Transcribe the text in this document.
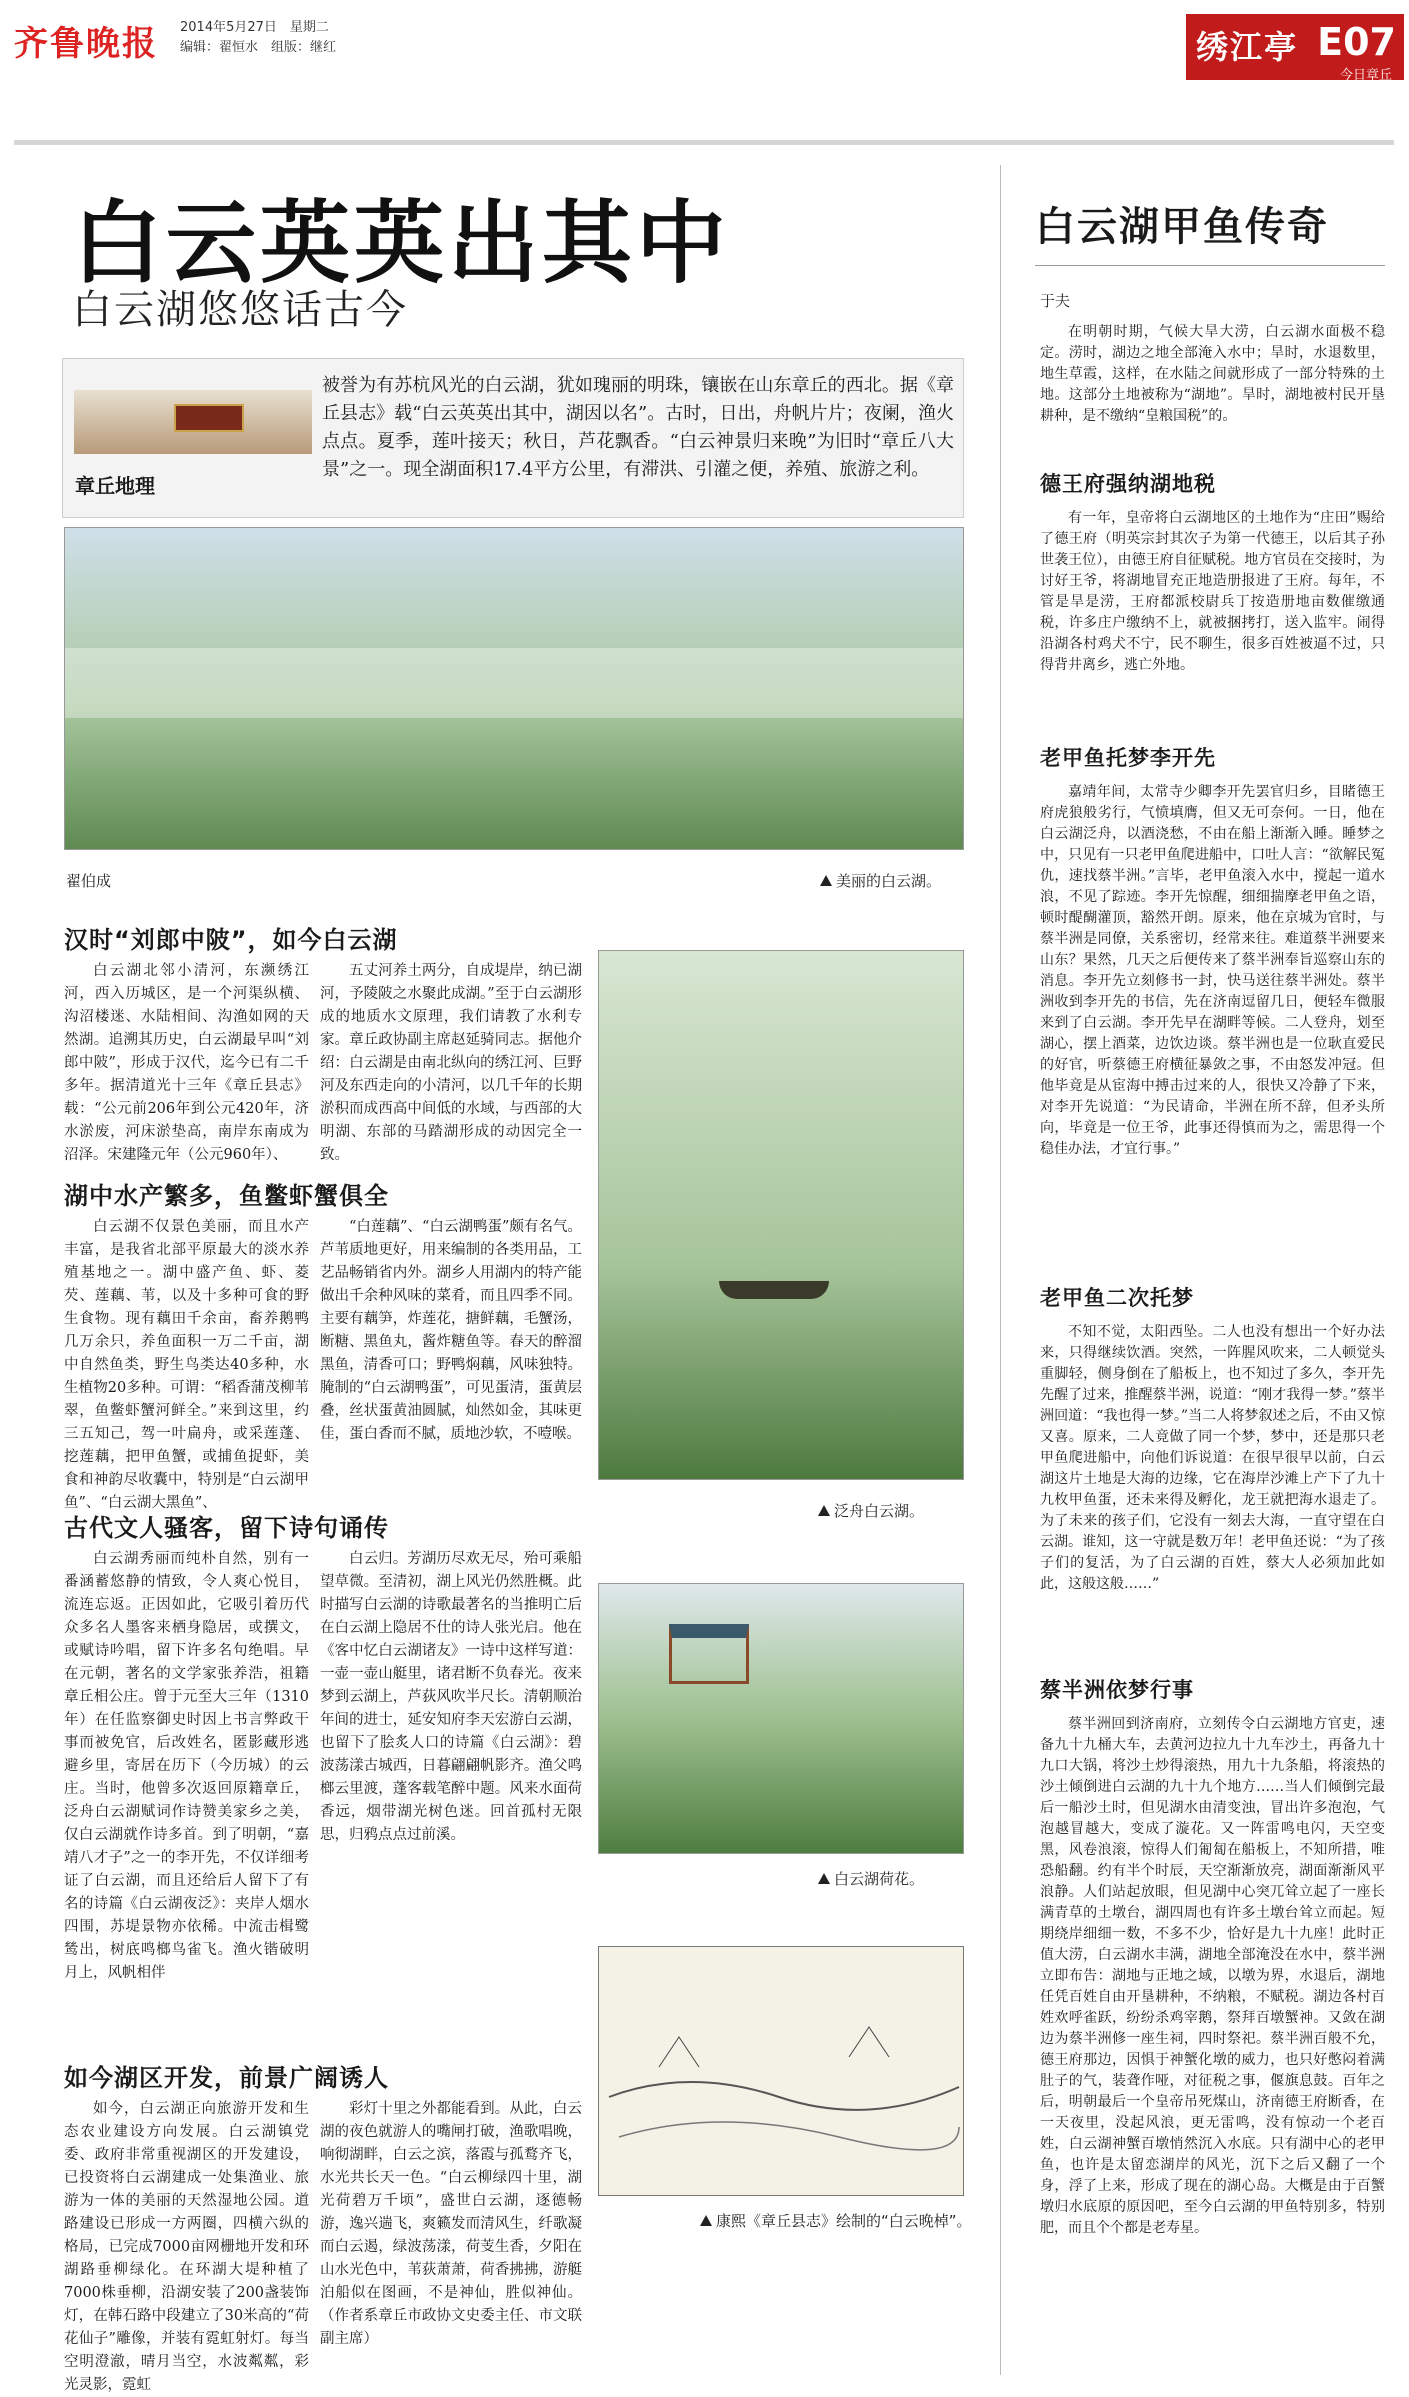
齐鲁晚报 2014年5月27日　星期二
编辑：翟恒水　组版：继红	绣江亭 E07
今日章丘
白云英英出其中
白云湖悠悠话古今
被誉为有苏杭风光的白云湖，犹如瑰丽的明珠，镶嵌在山东章丘的西北。据《章丘县志》载“白云英英出其中，湖因以名”。古时，日出，舟帆片片；夜阑，渔火点点。夏季，莲叶接天；秋日，芦花飘香。“白云神景归来晚”为旧时“章丘八大景”之一。现全湖面积17.4平方公里，有滞洪、引灌之便，养殖、旅游之利。
章丘地理
翟伯成	美丽的白云湖。
泛舟白云湖。
白云湖荷花。
康熙《章丘县志》绘制的“白云晚棹”。
汉时“刘郎中陂”，如今白云湖
白云湖北邻小清河，东濒绣江河，西入历城区，是一个河渠纵横、沟沼楼迷、水陆相间、沟渔如网的天然湖。追溯其历史，白云湖最早叫“刘郎中陂”，形成于汉代，迄今已有二千多年。据清道光十三年《章丘县志》载：“公元前206年到公元420年，济水淤废，河床淤垫高，南岸东南成为沼泽。宋建隆元年（公元960年）、
五丈河养土两分，自成堤岸，纳已湖河，予陵陂之水聚此成湖。”至于白云湖形成的地质水文原理，我们请教了水利专家。章丘政协副主席赵延骑同志。据他介绍：白云湖是由南北纵向的绣江河、巨野河及东西走向的小清河，以几千年的长期淤积而成西高中间低的水域，与西部的大明湖、东部的马踏湖形成的动因完全一致。
湖中水产繁多，鱼鳖虾蟹俱全
白云湖不仅景色美丽，而且水产丰富，是我省北部平原最大的淡水养殖基地之一。湖中盛产鱼、虾、菱芡、莲藕、苇，以及十多种可食的野生食物。现有藕田千余亩，畜养鹅鸭几万余只，养鱼面积一万二千亩，湖中自然鱼类，野生鸟类达40多种，水生植物20多种。可谓：“稻香蒲茂柳苇翠，鱼鳖虾蟹河鲜全。”来到这里，约三五知己，驾一叶扁舟，或采莲蓬、挖莲藕，把甲鱼蟹，或捕鱼捉虾，美食和神韵尽收囊中，特别是“白云湖甲鱼”、“白云湖大黑鱼”、
“白莲藕”、“白云湖鸭蛋”颇有名气。芦苇质地更好，用来编制的各类用品，工艺品畅销省内外。湖乡人用湖内的特产能做出千余种风味的菜肴，而且四季不同。主要有藕笋，炸莲花，搪鲜藕，毛蟹汤，断糖、黑鱼丸，酱炸糖鱼等。春天的醉溜黑鱼，清香可口；野鸭焖藕，风味独特。腌制的“白云湖鸭蛋”，可见蛋清，蛋黄层叠，丝状蛋黄油圆腻，灿然如金，其味更佳，蛋白香而不腻，质地沙软，不噎喉。
古代文人骚客，留下诗句诵传
白云湖秀丽而纯朴自然，别有一番涵蓄悠静的情致，令人爽心悦目，流连忘返。正因如此，它吸引着历代众多名人墨客来栖身隐居，或撰文，或赋诗吟唱，留下许多名句绝唱。早在元朝，著名的文学家张养浩，祖籍章丘相公庄。曾于元至大三年（1310年）在任监察御史时因上书言弊政干事而被免官，后改姓名，匿影藏形逃避乡里，寄居在历下（今历城）的云庄。当时，他曾多次返回原籍章丘，泛舟白云湖赋词作诗赞美家乡之美，仅白云湖就作诗多首。到了明朝，“嘉靖八才子”之一的李开先，不仅详细考证了白云湖，而且还给后人留下了有名的诗篇《白云湖夜泛》：夹岸人烟水四围，苏堤景物亦依稀。中流击楫鹭鸶出，树底鸣榔鸟雀飞。渔火锴破明月上，风帆相伴
白云归。芳湖历尽欢无尽，殆可乘船望草微。至清初，湖上风光仍然胜概。此时描写白云湖的诗歌最著名的当推明亡后在白云湖上隐居不仕的诗人张光启。他在《客中忆白云湖诸友》一诗中这样写道：一壶一壶山艇里，诸君断不负春光。夜来梦到云湖上，芦荻风吹半尺长。清朝顺治年间的进士，延安知府李天宏游白云湖，也留下了脍炙人口的诗篇《白云湖》：碧波荡漾古城西，日暮翩翩帆影齐。渔父鸣榔云里渡，蓬客载笔醉中题。风来水面荷香远，烟带湖光树色迷。回首孤村无限思，归鸦点点过前溪。
如今湖区开发，前景广阔诱人
如今，白云湖正向旅游开发和生态农业建设方向发展。白云湖镇党委、政府非常重视湖区的开发建设，已投资将白云湖建成一处集渔业、旅游为一体的美丽的天然湿地公园。道路建设已形成一方两圈，四横六纵的格局，已完成7000亩网栅地开发和环湖路垂柳绿化。在环湖大堤种植了7000株垂柳，沿湖安装了200盏装饰灯，在韩石路中段建立了30米高的“荷花仙子”雕像，并装有霓虹射灯。每当空明澄澈，晴月当空，水波粼粼，彩光灵影，霓虹
彩灯十里之外都能看到。从此，白云湖的夜色就游人的嘴闸打破，渔歌唱晚，响彻湖畔，白云之滨，落霞与孤鹜齐飞，水光共长天一色。“白云柳绿四十里，湖光荷碧万千顷”，盛世白云湖，逐德畅游，逸兴遄飞，爽籁发而清风生，纤歌凝而白云遏，绿波荡漾，荷芰生香，夕阳在山水光色中，苇荻萧萧，荷香拂拂，游艇泊船似在图画，不是神仙，胜似神仙。（作者系章丘市政协文史委主任、市文联副主席）
白云湖甲鱼传奇
于夫
在明朝时期，气候大旱大涝，白云湖水面极不稳定。涝时，湖边之地全部淹入水中；旱时，水退数里，地生草霞，这样，在水陆之间就形成了一部分特殊的土地。这部分土地被称为“湖地”。旱时，湖地被村民开垦耕种，是不缴纳“皇粮国税”的。
德王府强纳湖地税
有一年，皇帝将白云湖地区的土地作为“庄田”赐给了德王府（明英宗封其次子为第一代德王，以后其子孙世袭王位），由德王府自征赋税。地方官员在交接时，为讨好王爷，将湖地冒充正地造册报进了王府。每年，不管是旱是涝，王府都派校尉兵丁按造册地亩数催缴通税，许多庄户缴纳不上，就被捆拷打，送入监牢。闹得沿湖各村鸡犬不宁，民不聊生，很多百姓被逼不过，只得背井离乡，逃亡外地。
老甲鱼托梦李开先
嘉靖年间，太常寺少卿李开先罢官归乡，目睹德王府虎狼般劣行，气愤填膺，但又无可奈何。一日，他在白云湖泛舟，以酒浇愁，不由在船上渐渐入睡。睡梦之中，只见有一只老甲鱼爬进船中，口吐人言：“欲解民冤仇，速找蔡半洲。”言毕，老甲鱼滚入水中，搅起一道水浪，不见了踪迹。李开先惊醒，细细揣摩老甲鱼之语，顿时醍醐灌顶，豁然开朗。原来，他在京城为官时，与蔡半洲是同僚，关系密切，经常来往。难道蔡半洲要来山东？果然，几天之后便传来了蔡半洲奉旨巡察山东的消息。李开先立刻修书一封，快马送往蔡半洲处。蔡半洲收到李开先的书信，先在济南逗留几日，便轻车微服来到了白云湖。李开先早在湖畔等候。二人登舟，划至湖心，摆上酒菜，边饮边谈。蔡半洲也是一位耿直爱民的好官，听蔡德王府横征暴敛之事，不由怒发冲冠。但他毕竟是从宦海中搏击过来的人，很快又冷静了下来，对李开先说道：“为民请命，半洲在所不辞，但矛头所向，毕竟是一位王爷，此事还得慎而为之，需思得一个稳佳办法，才宜行事。”
老甲鱼二次托梦
不知不觉，太阳西坠。二人也没有想出一个好办法来，只得继续饮酒。突然，一阵腥风吹来，二人顿觉头重脚轻，侧身倒在了船板上，也不知过了多久，李开先先醒了过来，推醒蔡半洲，说道：“刚才我得一梦。”蔡半洲回道：“我也得一梦。”当二人将梦叙述之后，不由又惊又喜。原来，二人竟做了同一个梦，梦中，还是那只老甲鱼爬进船中，向他们诉说道：在很早很早以前，白云湖这片土地是大海的边缘，它在海岸沙滩上产下了九十九枚甲鱼蛋，还未来得及孵化，龙王就把海水退走了。为了未来的孩子们，它没有一刻去大海，一直守望在白云湖。谁知，这一守就是数万年！老甲鱼还说：“为了孩子们的复活，为了白云湖的百姓，蔡大人必须加此如此，这般这般……”
蔡半洲依梦行事
蔡半洲回到济南府，立刻传令白云湖地方官吏，速备九十九桶大车，去黄河边拉九十九车沙土，再备九十九口大锅，将沙土炒得滚热，用九十九条船，将滚热的沙土倾倒进白云湖的九十九个地方……当人们倾倒完最后一船沙土时，但见湖水由清变浊，冒出许多泡泡，气泡越冒越大，变成了漩花。又一阵雷鸣电闪，天空变黑，风卷浪滚，惊得人们匍匐在船板上，不知所措，唯恐船翻。约有半个时辰，天空渐渐放亮，湖面渐渐风平浪静。人们站起放眼，但见湖中心突兀耸立起了一座长满青草的土墩台，湖四周也有许多土墩台耸立而起。短期绕岸细细一数，不多不少，恰好是九十九座！此时正值大涝，白云湖水丰满，湖地全部淹没在水中，蔡半洲立即布告：湖地与正地之域，以墩为界，水退后，湖地任凭百姓自由开垦耕种，不纳粮，不赋税。湖边各村百姓欢呼雀跃，纷纷杀鸡宰鹅，祭拜百墩蟹神。又敛在湖边为蔡半洲修一座生祠，四时祭祀。蔡半洲百般不允，德王府那边，因惧于神蟹化墩的威力，也只好憋闷着满肚子的气，装聋作哑，对征税之事，偃旗息鼓。百年之后，明朝最后一个皇帝吊死煤山，济南德王府断香，在一天夜里，没起风浪，更无雷鸣，没有惊动一个老百姓，白云湖神蟹百墩悄然沉入水底。只有湖中心的老甲鱼，也许是太留恋湖岸的风光，沉下之后又翻了一个身，浮了上来，形成了现在的湖心岛。大概是由于百蟹墩归水底原的原因吧，至今白云湖的甲鱼特别多，特别肥，而且个个都是老寿星。
